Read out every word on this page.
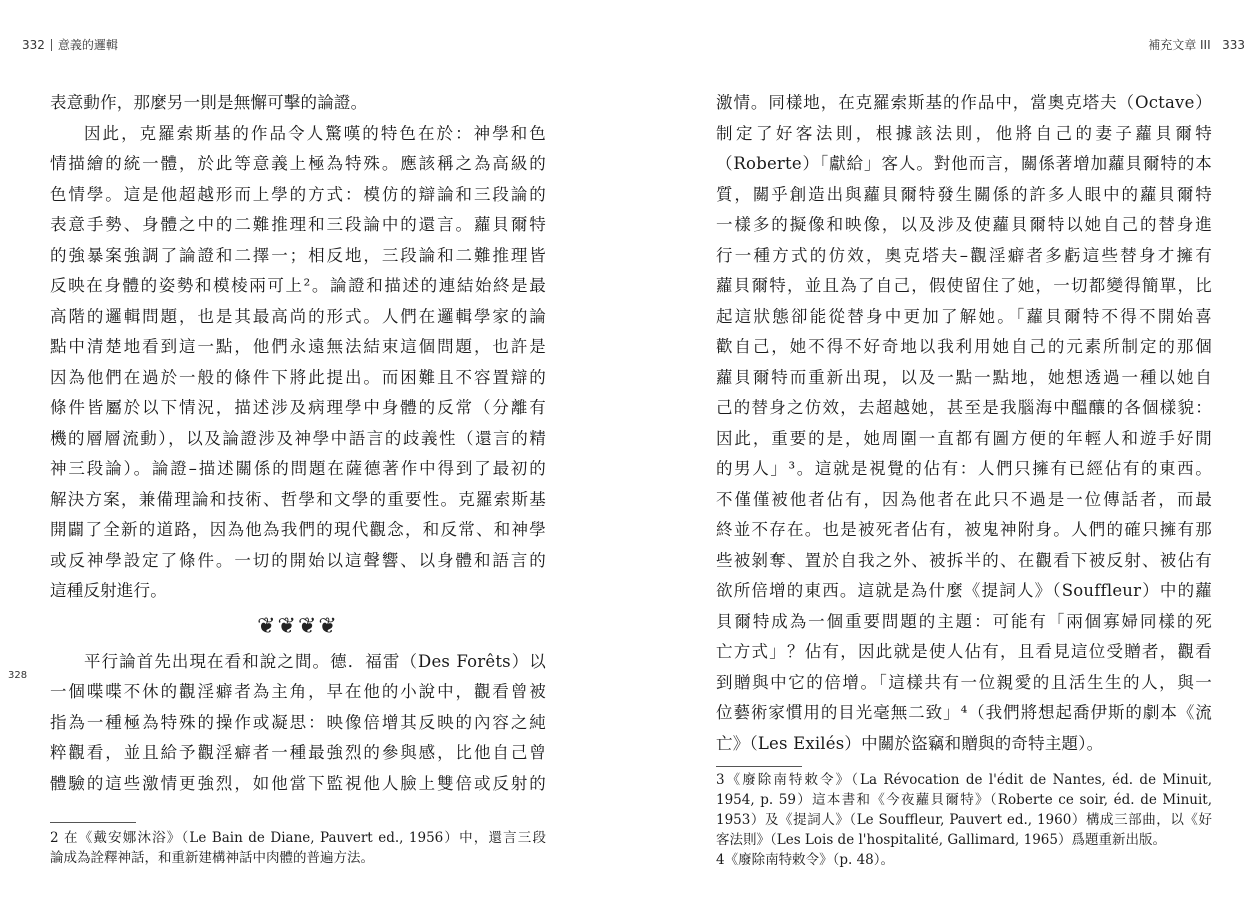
332 意義的邏輯	補充文章 III 333
328
表意動作，那麼另一則是無懈可擊的論證。
因此，克羅索斯基的作品令人驚嘆的特色在於：神學和色
情描繪的統一體，於此等意義上極為特殊。應該稱之為高級的
色情學。這是他超越形而上學的方式：模仿的辯論和三段論的
表意手勢、身體之中的二難推理和三段論中的還言。蘿貝爾特
的強暴案強調了論證和二擇一；相反地，三段論和二難推理皆
反映在身體的姿勢和模棱兩可上²。論證和描述的連結始終是最
高階的邏輯問題，也是其最高尚的形式。人們在邏輯學家的論
點中清楚地看到這一點，他們永遠無法結束這個問題，也許是
因為他們在過於一般的條件下將此提出。而困難且不容置辯的
條件皆屬於以下情況，描述涉及病理學中身體的反常（分離有
機的層層流動），以及論證涉及神學中語言的歧義性（還言的精
神三段論）。論證–描述關係的問題在薩德著作中得到了最初的
解決方案，兼備理論和技術、哲學和文學的重要性。克羅索斯基
開闢了全新的道路，因為他為我們的現代觀念，和反常、和神學
或反神學設定了條件。一切的開始以這聲響、以身體和語言的
這種反射進行。
❦❦❦❦
平行論首先出現在看和說之間。德．福雷（Des Forêts）以
一個喋喋不休的觀淫癖者為主角，早在他的小說中，觀看曾被
指為一種極為特殊的操作或凝思：映像倍增其反映的內容之純
粹觀看，並且給予觀淫癖者一種最強烈的參與感，比他自己曾
體驗的這些激情更強烈，如他當下監視他人臉上雙倍或反射的
2 在《戴安娜沐浴》（Le Bain de Diane, Pauvert ed., 1956）中，還言三段
論成為詮釋神話，和重新建構神話中肉體的普遍方法。
激情。同樣地，在克羅索斯基的作品中，當奧克塔夫（Octave）
制定了好客法則，根據該法則，他將自己的妻子蘿貝爾特
（Roberte）「獻給」客人。對他而言，關係著增加蘿貝爾特的本
質，關乎創造出與蘿貝爾特發生關係的許多人眼中的蘿貝爾特
一樣多的擬像和映像，以及涉及使蘿貝爾特以她自己的替身進
行一種方式的仿效，奧克塔夫–觀淫癖者多虧這些替身才擁有
蘿貝爾特，並且為了自己，假使留住了她，一切都變得簡單，比
起這狀態卻能從替身中更加了解她。「蘿貝爾特不得不開始喜
歡自己，她不得不好奇地以我利用她自己的元素所制定的那個
蘿貝爾特而重新出現，以及一點一點地，她想透過一種以她自
己的替身之仿效，去超越她，甚至是我腦海中醞釀的各個樣貌：
因此，重要的是，她周圍一直都有圖方便的年輕人和遊手好閒
的男人」³。這就是視覺的佔有：人們只擁有已經佔有的東西。
不僅僅被他者佔有，因為他者在此只不過是一位傳話者，而最
終並不存在。也是被死者佔有，被鬼神附身。人們的確只擁有那
些被剝奪、置於自我之外、被拆半的、在觀看下被反射、被佔有
欲所倍增的東西。這就是為什麼《提詞人》（Souffleur）中的蘿
貝爾特成為一個重要問題的主題：可能有「兩個寡婦同樣的死
亡方式」？佔有，因此就是使人佔有，且看見這位受贈者，觀看
到贈與中它的倍增。「這樣共有一位親愛的且活生生的人，與一
位藝術家慣用的目光毫無二致」⁴（我們將想起喬伊斯的劇本《流
亡》（Les Exilés）中關於盜竊和贈與的奇特主題）。
3《廢除南特敕令》（La Révocation de l'édit de Nantes, éd. de Minuit,
1954, p. 59）這本書和《今夜蘿貝爾特》（Roberte ce soir, éd. de Minuit,
1953）及《提詞人》（Le Souffleur, Pauvert ed., 1960）構成三部曲，以《好
客法則》（Les Lois de l'hospitalité, Gallimard, 1965）爲題重新出版。
4《廢除南特敕令》（p. 48）。
